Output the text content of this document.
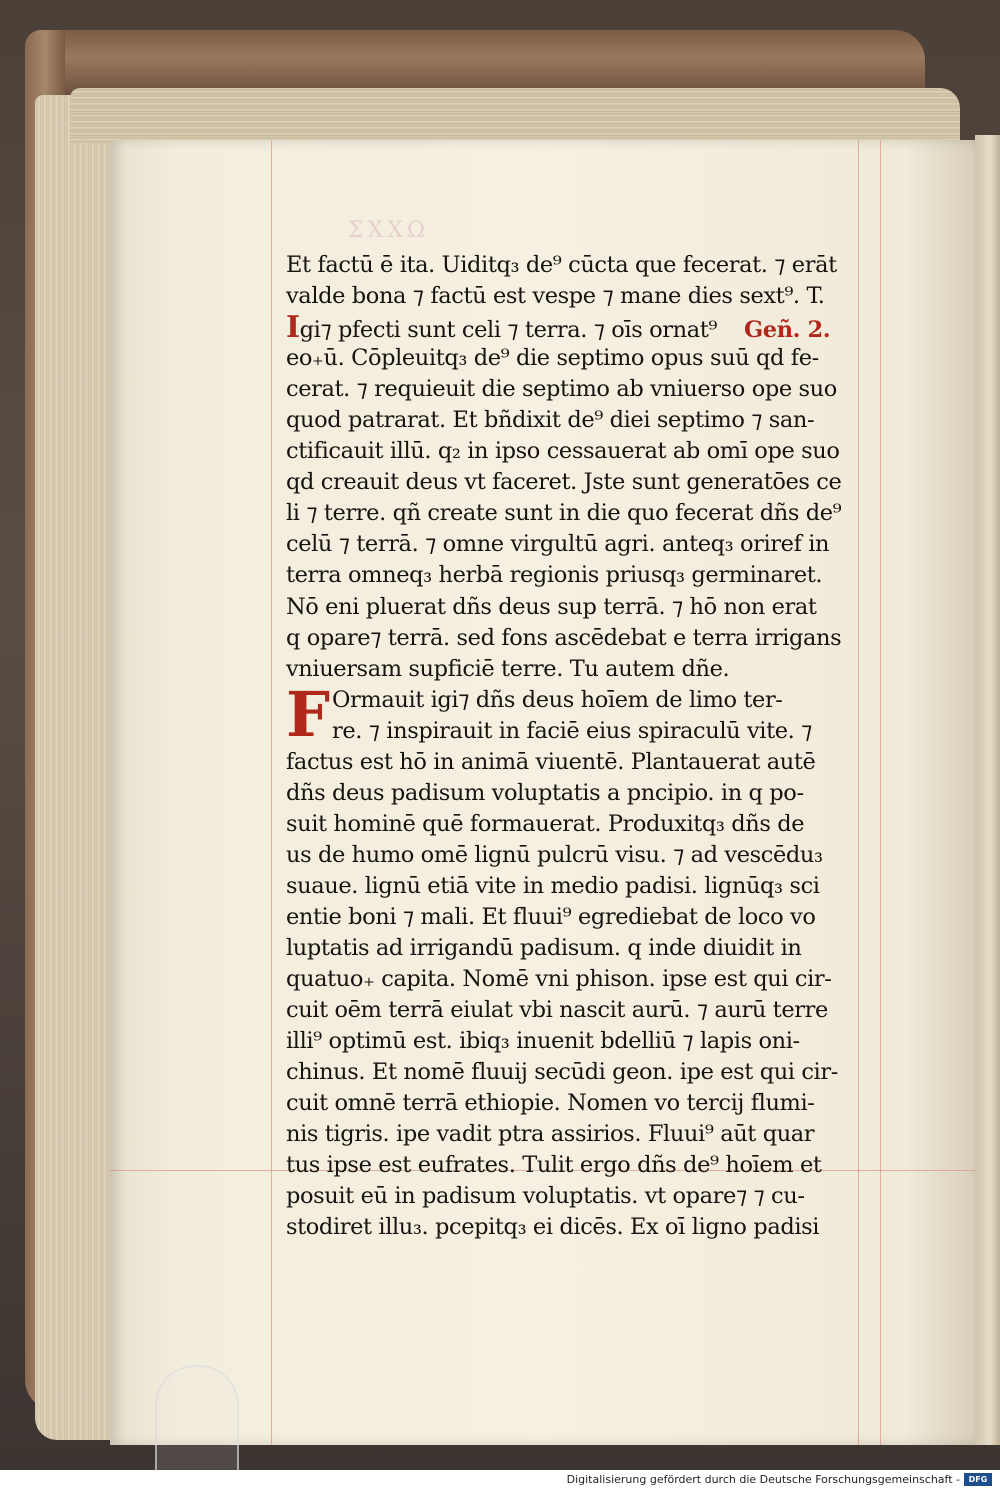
ΣΧΧΩ
Et factū ē ita. Uiditq₃ de⁹ cūcta que fecerat. ⁊ erāt
valde bona ⁊ factū est vespe ⁊ mane dies sext⁹. T.
Igi⁊ pfecti sunt celi ⁊ terra. ⁊ oīs ornat⁹ Geñ. 2.
eo₊ū. Cōpleuitq₃ de⁹ die septimo opus suū qd fe-
cerat. ⁊ requieuit die septimo ab vniuerso ope suo
quod patrarat. Et bñdixit de⁹ diei septimo ⁊ san-
ctificauit illū. q₂ in ipso cessauerat ab omī ope suo
qd creauit deus vt faceret. Jste sunt generatōes ce
li ⁊ terre. qñ create sunt in die quo fecerat dñs de⁹
celū ⁊ terrā. ⁊ omne virgultū agri. anteq₃ oriref in
terra omneq₃ herbā regionis priusq₃ germinaret.
Nō eni pluerat dñs deus sup terrā. ⁊ hō non erat
q opare⁊ terrā. sed fons ascēdebat e terra irrigans
vniuersam supficiē terre. Tu autem dñe.
F Ormauit igi⁊ dñs deus hoīem de limo ter-
re. ⁊ inspirauit in faciē eius spiraculū vite. ⁊
factus est hō in animā viuentē. Plantauerat autē
dñs deus padisum voluptatis a pncipio. in q po-
suit hominē quē formauerat. Produxitq₃ dñs de
us de humo omē lignū pulcrū visu. ⁊ ad vescēdu₃
suaue. lignū etiā vite in medio padisi. lignūq₃ sci
entie boni ⁊ mali. Et fluui⁹ egrediebat de loco vo
luptatis ad irrigandū padisum. q inde diuidit in
quatuo₊ capita. Nomē vni phison. ipse est qui cir-
cuit oēm terrā eiulat vbi nascit aurū. ⁊ aurū terre
illi⁹ optimū est. ibiq₃ inuenit bdelliū ⁊ lapis oni-
chinus. Et nomē fluuij secūdi geon. ipe est qui cir-
cuit omnē terrā ethiopie. Nomen vo tercij flumi-
nis tigris. ipe vadit ptra assirios. Fluui⁹ aūt quar
tus ipse est eufrates. Tulit ergo dñs de⁹ hoīem et
posuit eū in padisum voluptatis. vt opare⁊ ⁊ cu-
stodiret illu₃. pcepitq₃ ei dicēs. Ex oī ligno padisi
Digitalisierung gefördert durch die Deutsche Forschungsgemeinschaft -	DFG
